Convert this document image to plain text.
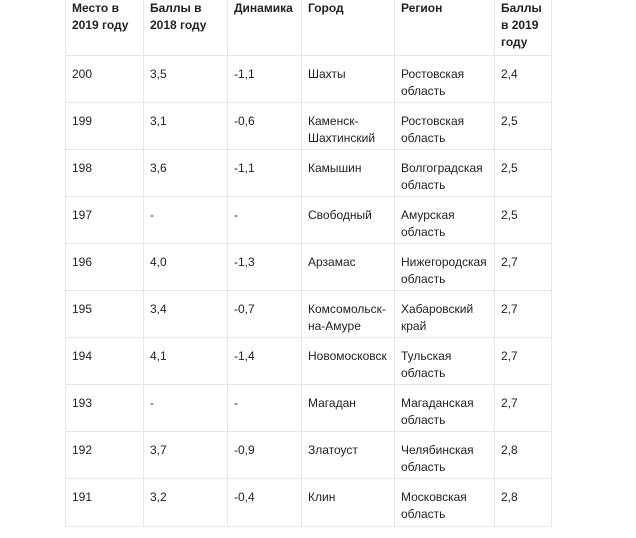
Место в 2019 году	Баллы в 2018 году	Динамика	Город	Регион	Баллы в 2019 году
200	3,5	-1,1	Шахты	Ростовская область	2,4
199	3,1	-0,6	Каменск-Шахтинский	Ростовская область	2,5
198	3,6	-1,1	Камышин	Волгоградская область	2,5
197	-	-	Свободный	Амурская область	2,5
196	4,0	-1,3	Арзамас	Нижегородская область	2,7
195	3,4	-0,7	Комсомольск-на-Амуре	Хабаровский край	2,7
194	4,1	-1,4	Новомосковск	Тульская область	2,7
193	-	-	Магадан	Магаданская область	2,7
192	3,7	-0,9	Златоуст	Челябинская область	2,8
191	3,2	-0,4	Клин	Московская область	2,8
